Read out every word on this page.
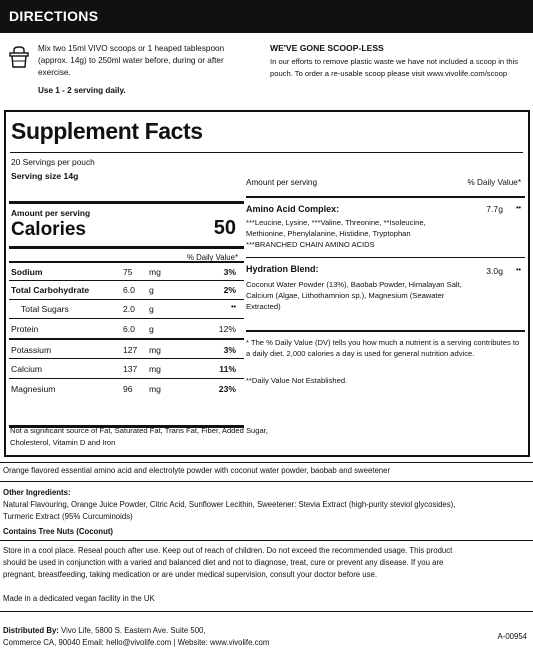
DIRECTIONS
Mix two 15ml VIVO scoops or 1 heaped tablespoon (approx. 14g) to 250ml water before, during or after exercise.
Use 1 - 2 serving daily.
WE'VE GONE SCOOP-LESS
In our efforts to remove plastic waste we have not included a scoop in this pouch. To order a re-usable scoop please visit www.vivolife.com/scoop
Supplement Facts
20 Servings per pouch
Serving size 14g
Amount per serving
Calories	50
% Daily Value*
Sodium	75 mg	3%
Total Carbohydrate	6.0 g	2%
Total Sugars	2.0 g	••
Protein	6.0 g	12%
Potassium	127 mg	3%
Calcium	137 mg	11%
Magnesium	96 mg	23%
Not a significant source of Fat, Saturated Fat, Trans Fat, Fiber, Added Sugar, Cholesterol, Vitamin D and Iron
Amount per serving	% Daily Value*
Amino Acid Complex:	7.7g ••
***Leucine, Lysine, ***Valine, Threonine, **Isoleucine, Methionine, Phenylalanine, Histidine, Tryptophan
***BRANCHED CHAIN AMINO ACIDS
Hydration Blend:	3.0g ••
Coconut Water Powder (13%), Baobab Powder, Himalayan Salt, Calcium (Algae, Lithothamnion sp.), Magnesium (Seawater Extracted)
* The % Daily Value (DV) tells you how much a nutrient is a serving contributes to a daily diet. 2,000 calories a day is used for general nutrition advice.
**Daily Value Not Established.
Orange flavored essential amino acid and electrolyte powder with coconut water powder, baobab and sweetener
Other Ingredients:
Natural Flavouring, Orange Juice Powder, Citric Acid, Sunflower Lecithin, Sweetener: Stevia Extract (high-purity steviol glycosides),
Turmeric Extract (95% Curcuminoids)
Contains Tree Nuts (Coconut)
Store in a cool place. Reseal pouch after use. Keep out of reach of children. Do not exceed the recommended usage. This product
should be used in conjunction with a varied and balanced diet and not to diagnose, treat, cure or prevent any disease. If you are
pregnant, breastfeeding, taking medication or are under medical supervision, consult your doctor before use.
Made in a dedicated vegan facility in the UK
Distributed By: Vivo Life, 5800 S. Eastern Ave. Suite 500,
Commerce CA, 90040 Email: hello@vivolife.com | Website: www.vivolife.com
A-00954
